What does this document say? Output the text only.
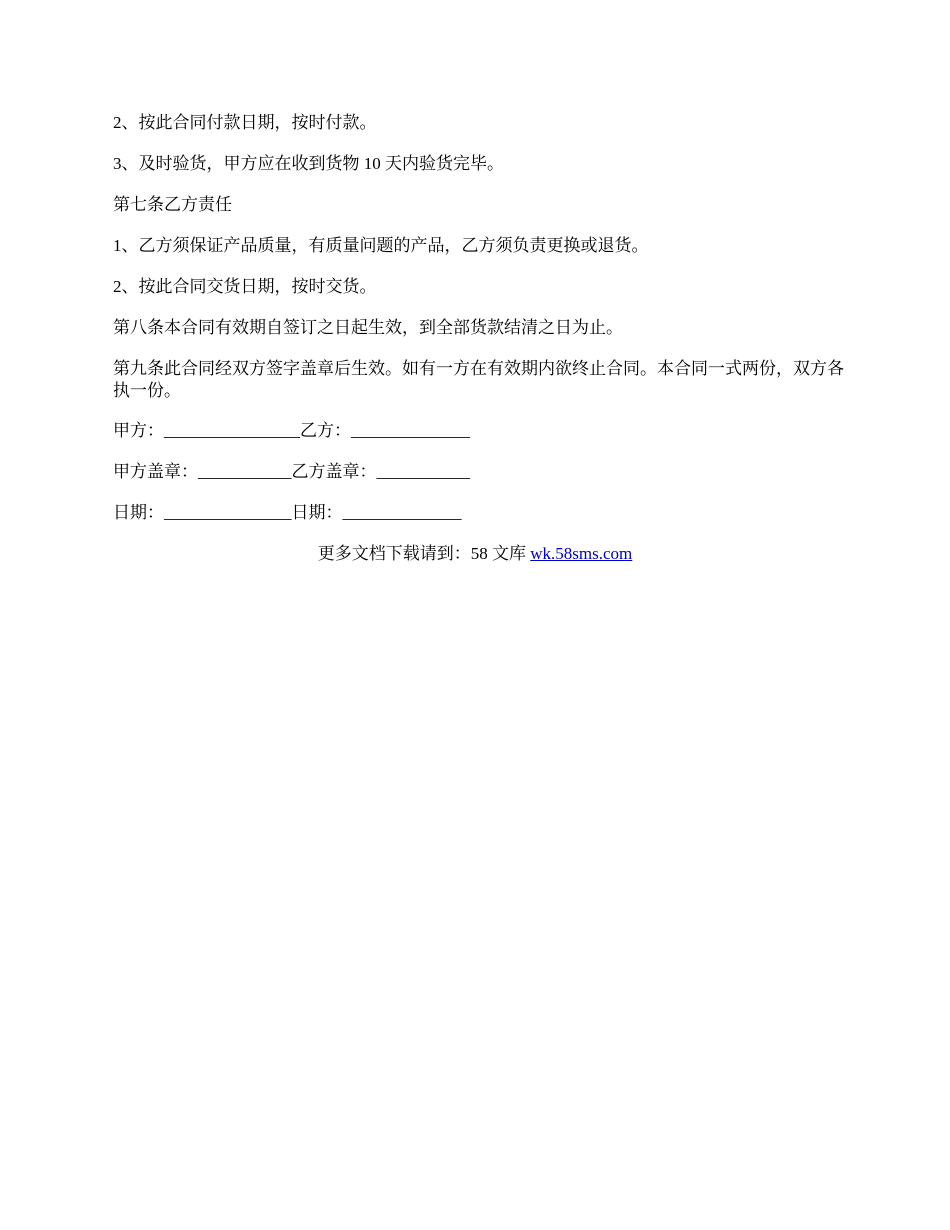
2、按此合同付款日期，按时付款。

3、及时验货，甲方应在收到货物 10 天内验货完毕。

第七条乙方责任

1、乙方须保证产品质量，有质量问题的产品，乙方须负责更换或退货。

2、按此合同交货日期，按时交货。

第八条本合同有效期自签订之日起生效，到全部货款结清之日为止。

第九条此合同经双方签字盖章后生效。如有一方在有效期内欲终止合同。本合同一式两份，双方各执一份。

甲方：________________乙方：______________

甲方盖章：___________乙方盖章：___________

日期：_______________日期：______________

更多文档下载请到：58 文库 wk.58sms.com
